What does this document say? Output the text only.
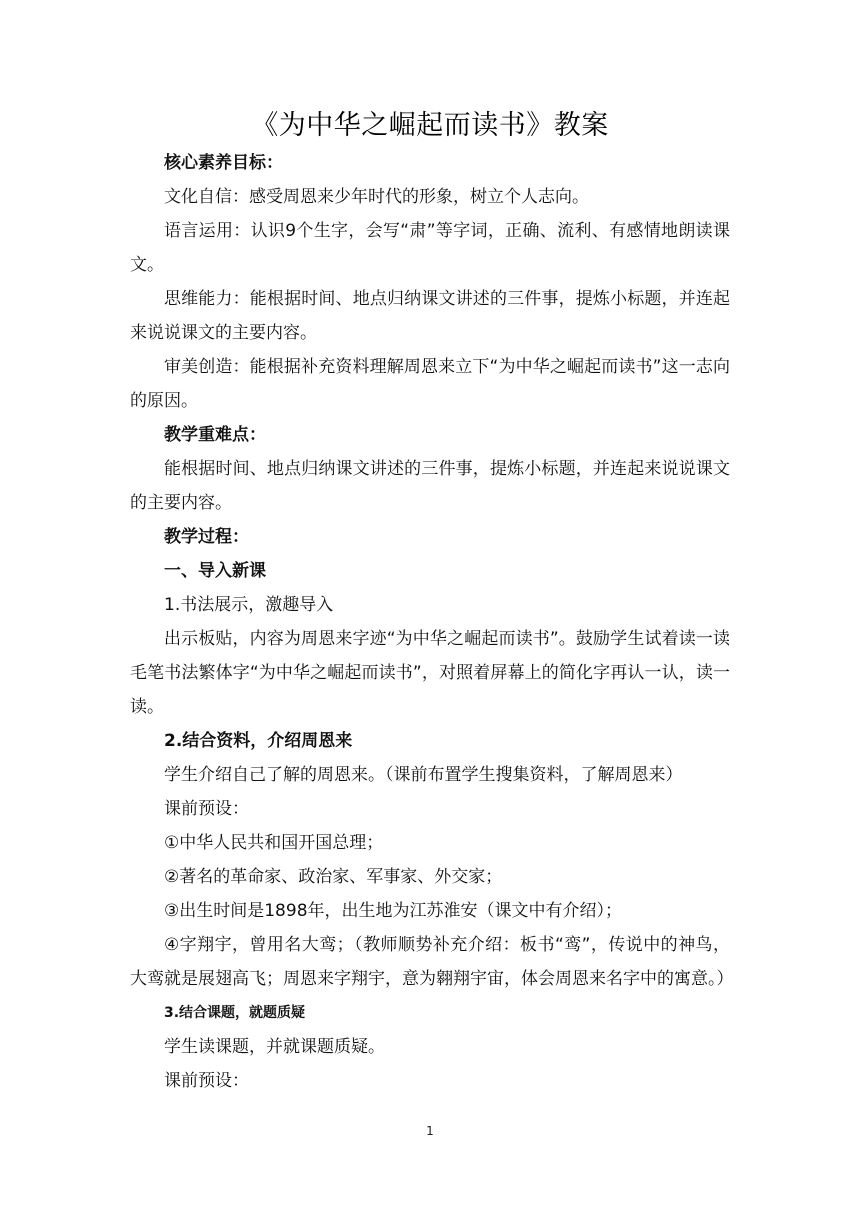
《为中华之崛起而读书》教案

核心素养目标：

文化自信：感受周恩来少年时代的形象，树立个人志向。

语言运用：认识9个生字，会写“肃”等字词，正确、流利、有感情地朗读课文。

思维能力：能根据时间、地点归纳课文讲述的三件事，提炼小标题，并连起来说说课文的主要内容。

审美创造：能根据补充资料理解周恩来立下“为中华之崛起而读书”这一志向的原因。

教学重难点：

能根据时间、地点归纳课文讲述的三件事，提炼小标题，并连起来说说课文的主要内容。

教学过程：

一、导入新课

1.书法展示，激趣导入

出示板贴，内容为周恩来字迹“为中华之崛起而读书”。鼓励学生试着读一读毛笔书法繁体字“为中华之崛起而读书”，对照着屏幕上的简化字再认一认，读一读。

2.结合资料，介绍周恩来

学生介绍自己了解的周恩来。（课前布置学生搜集资料，了解周恩来）

课前预设：

①中华人民共和国开国总理；

②著名的革命家、政治家、军事家、外交家；

③出生时间是1898年，出生地为江苏淮安（课文中有介绍）；

④字翔宇，曾用名大鸾；（教师顺势补充介绍：板书“鸾”，传说中的神鸟，大鸾就是展翅高飞；周恩来字翔宇，意为翱翔宇宙，体会周恩来名字中的寓意。）

3.结合课题，就题质疑

学生读课题，并就课题质疑。

课前预设：

1
